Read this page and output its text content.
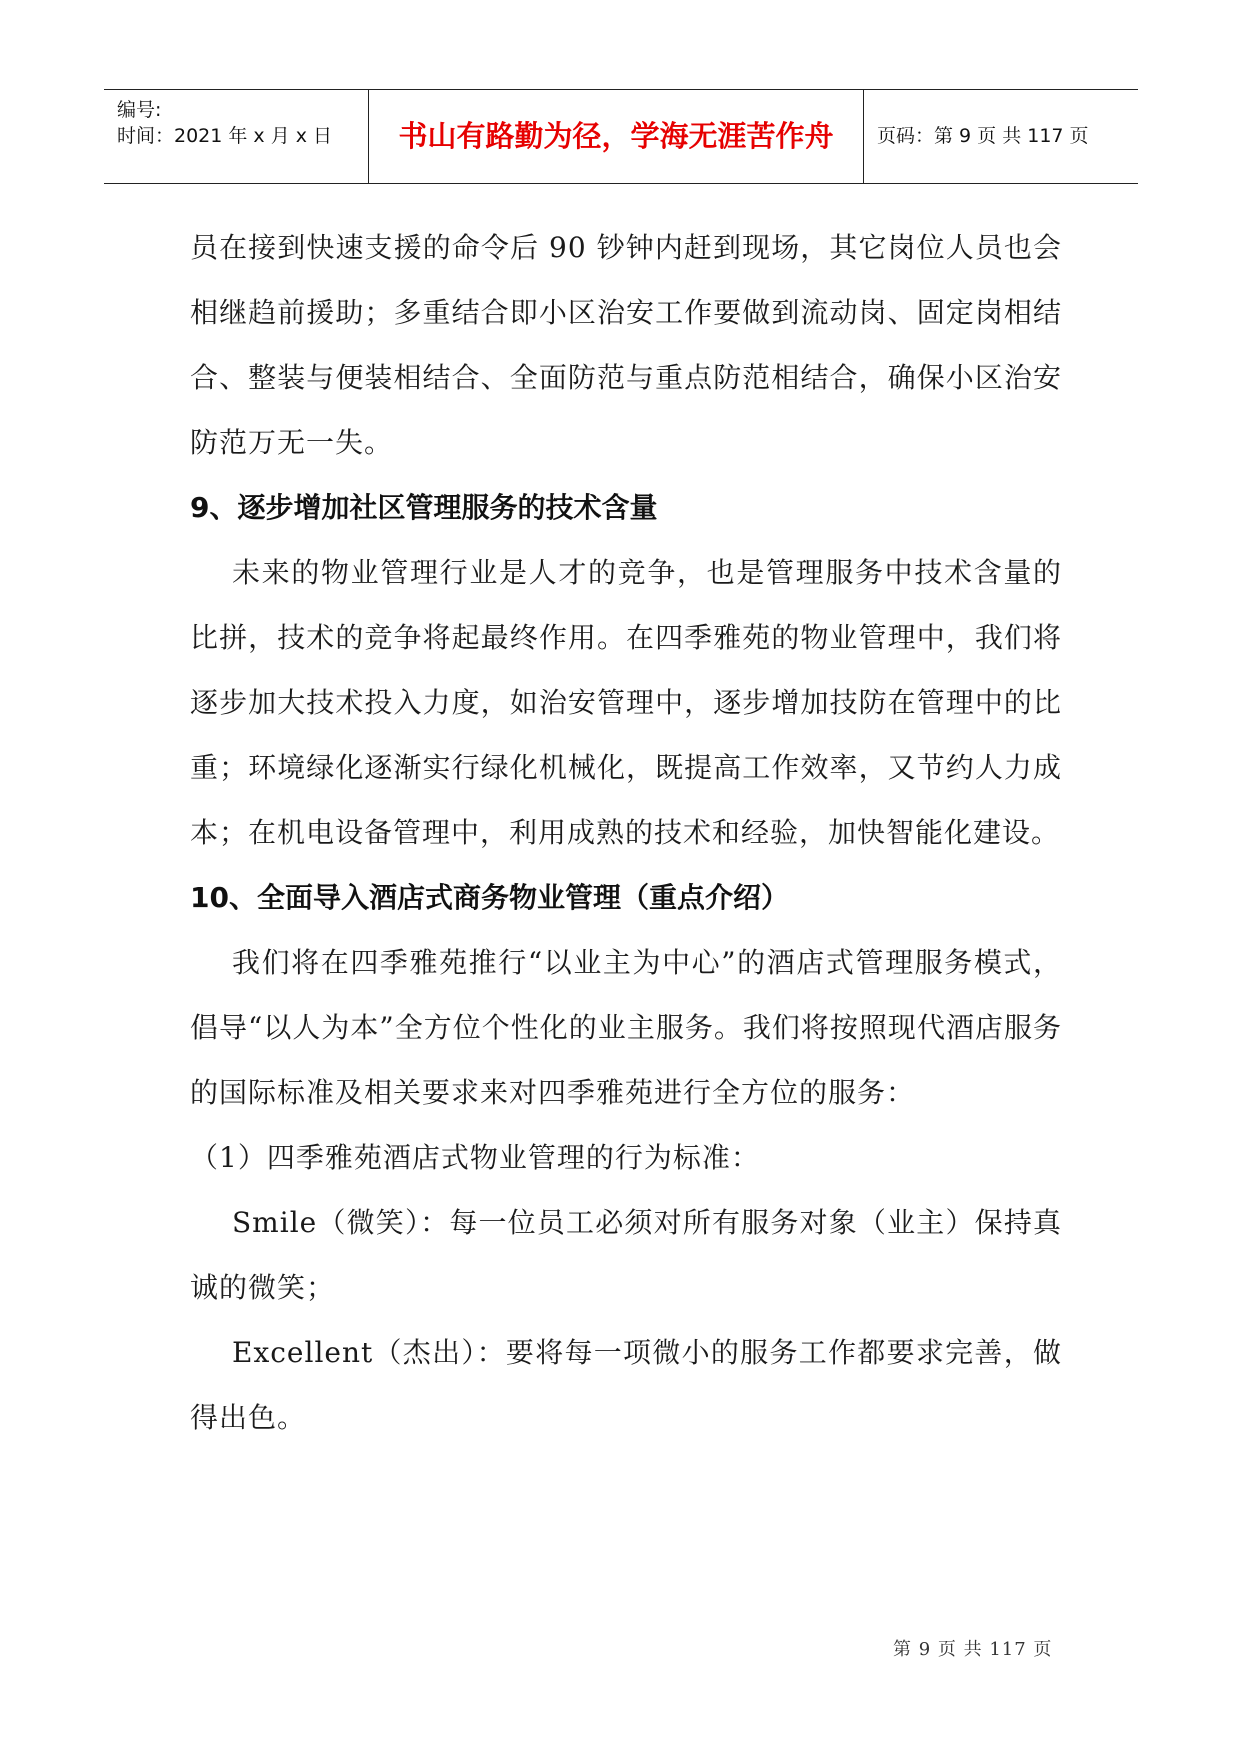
编号:
时间：2021 年 x 月 x 日 书山有路勤为径，学海无涯苦作舟 页码：第 9 页 共 117 页

员在接到快速支援的命令后 90 钞钟内赶到现场，其它岗位人员也会相继趋前援助；多重结合即小区治安工作要做到流动岗、固定岗相结合、整装与便装相结合、全面防范与重点防范相结合，确保小区治安防范万无一失。

9、逐步增加社区管理服务的技术含量

未来的物业管理行业是人才的竞争，也是管理服务中技术含量的比拼，技术的竞争将起最终作用。在四季雅苑的物业管理中，我们将逐步加大技术投入力度，如治安管理中，逐步增加技防在管理中的比重；环境绿化逐渐实行绿化机械化，既提高工作效率，又节约人力成本；在机电设备管理中，利用成熟的技术和经验，加快智能化建设。

10、全面导入酒店式商务物业管理（重点介绍）

我们将在四季雅苑推行“以业主为中心”的酒店式管理服务模式，倡导“以人为本”全方位个性化的业主服务。我们将按照现代酒店服务的国际标准及相关要求来对四季雅苑进行全方位的服务：

（1）四季雅苑酒店式物业管理的行为标准：

Smile（微笑）：每一位员工必须对所有服务对象（业主）保持真诚的微笑；

Excellent（杰出）：要将每一项微小的服务工作都要求完善，做得出色。

第 9 页 共 117 页
